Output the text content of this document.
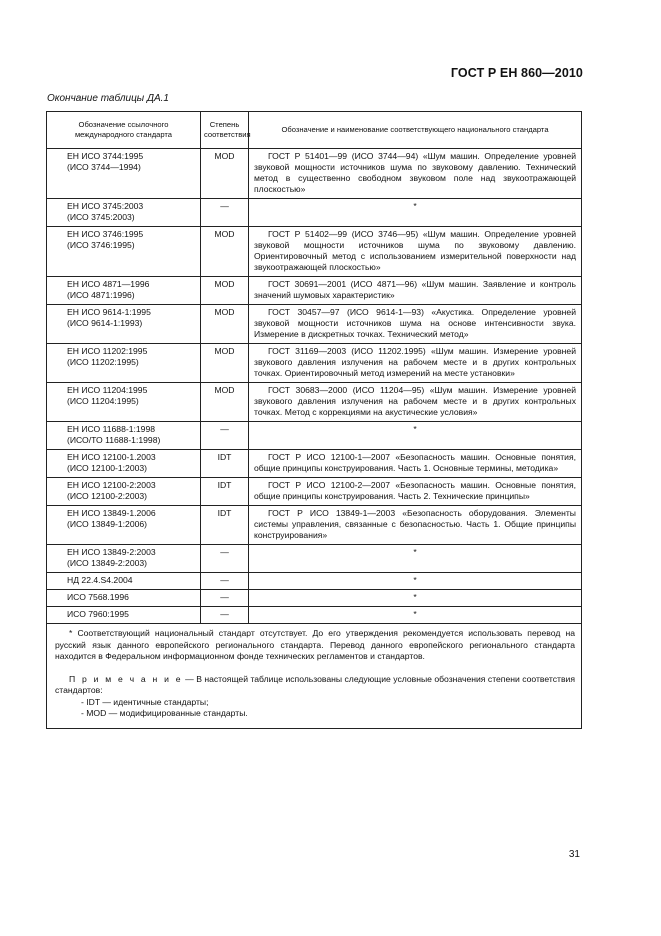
ГОСТ Р ЕН 860—2010
Окончание таблицы ДА.1
Обозначение ссылочного международного стандарта	Степень соответствия	Обозначение и наименование соответствующего национального стандарта

ЕН ИСО 3744:1995
(ИСО 3744—1994)	MOD	ГОСТ Р 51401—99 (ИСО 3744—94) «Шум машин. Определение уровней звуковой мощности источников шума по звуковому давлению. Технический метод в существенно свободном звуковом поле над звукоотражающей плоскостью»

ЕН ИСО 3745:2003
(ИСО 3745:2003)	—	*

ЕН ИСО 3746:1995
(ИСО 3746:1995)	MOD	ГОСТ Р 51402—99 (ИСО 3746—95) «Шум машин. Определение уровней звуковой мощности источников шума по звуковому давлению. Ориентировочный метод с использованием измерительной поверхности над звукоотражающей плоскостью»

ЕН ИСО 4871—1996
(ИСО 4871:1996)	MOD	ГОСТ 30691—2001 (ИСО 4871—96) «Шум машин. Заявление и контроль значений шумовых характеристик»

ЕН ИСО 9614-1:1995
(ИСО 9614-1:1993)	MOD	ГОСТ 30457—97 (ИСО 9614-1—93) «Акустика. Определение уровней звуковой мощности источников шума на основе интенсивности звука. Измерение в дискретных точках. Технический метод»

ЕН ИСО 11202:1995
(ИСО 11202:1995)	MOD	ГОСТ 31169—2003 (ИСО 11202.1995) «Шум машин. Измерение уровней звукового давления излучения на рабочем месте и в других контрольных точках. Ориентировочный метод измерений на месте установки»

ЕН ИСО 11204:1995
(ИСО 11204:1995)	MOD	ГОСТ 30683—2000 (ИСО 11204—95) «Шум машин. Измерение уровней звукового давления излучения на рабочем месте и в других контрольных точках. Метод с коррекциями на акустические условия»

ЕН ИСО 11688-1:1998
(ИСО/ТО 11688-1:1998)	—	*

ЕН ИСО 12100-1.2003
(ИСО 12100-1:2003)	IDT	ГОСТ Р ИСО 12100-1—2007 «Безопасность машин. Основные понятия, общие принципы конструирования. Часть 1. Основные термины, методика»

ЕН ИСО 12100-2:2003
(ИСО 12100-2:2003)	IDT	ГОСТ Р ИСО 12100-2—2007 «Безопасность машин. Основные понятия, общие принципы конструирования. Часть 2. Технические принципы»

ЕН ИСО 13849-1.2006
(ИСО 13849-1:2006)	IDT	ГОСТ Р ИСО 13849-1—2003 «Безопасность оборудования. Элементы системы управления, связанные с безопасностью. Часть 1. Общие принципы конструирования»

ЕН ИСО 13849-2:2003
(ИСО 13849-2:2003)	—	*

НД 22.4.S4.2004	—	*

ИСО 7568.1996	—	*

ИСО 7960:1995	—	*

* Соответствующий национальный стандарт отсутствует. До его утверждения рекомендуется использовать перевод на русский язык данного европейского регионального стандарта. Перевод данного европейского регионального стандарта находится в Федеральном информационном фонде технических регламентов и стандартов.
П р и м е ч а н и е — В настоящей таблице использованы следующие условные обозначения степени соответствия стандартов:
- IDT — идентичные стандарты;
- MOD — модифицированные стандарты.		
31
